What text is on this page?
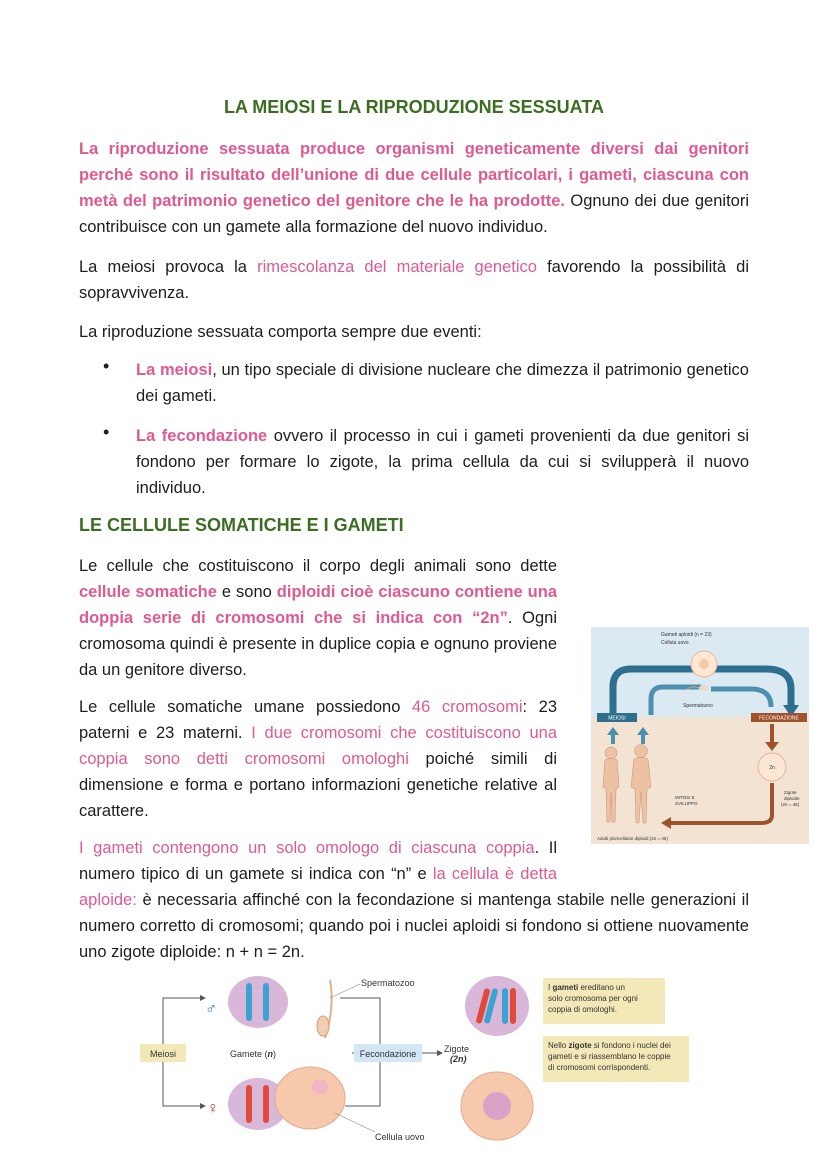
LA MEIOSI E LA RIPRODUZIONE SESSUATA
La riproduzione sessuata produce organismi geneticamente diversi dai genitori perché sono il risultato dell’unione di due cellule particolari, i gameti, ciascuna con metà del patrimonio genetico del genitore che le ha prodotte. Ognuno dei due genitori contribuisce con un gamete alla formazione del nuovo individuo.
La meiosi provoca la rimescolanza del materiale genetico favorendo la possibilità di sopravvivenza.
La riproduzione sessuata comporta sempre due eventi:
• La meiosi, un tipo speciale di divisione nucleare che dimezza il patrimonio genetico dei gameti.
• La fecondazione ovvero il processo in cui i gameti provenienti da due genitori si fondono per formare lo zigote, la prima cellula da cui si svilupperà il nuovo individuo.
LE CELLULE SOMATICHE E I GAMETI
Le cellule che costituiscono il corpo degli animali sono dette cellule somatiche e sono diploidi cioè ciascuno contiene una doppia serie di cromosomi che si indica con “2n”. Ogni cromosoma quindi è presente in duplice copia e ognuno proviene da un genitore diverso.
Le cellule somatiche umane possiedono 46 cromosomi: 23 paterni e 23 materni. I due cromosomi che costituiscono una coppia sono detti cromosomi omologhi poiché simili di dimensione e forma e portano informazioni genetiche relative al carattere.
I gameti contengono un solo omologo di ciascuna coppia. Il numero tipico di un gamete si indica con “n” e la cellula è detta aploide: è necessaria affinché con la fecondazione si mantenga stabile nelle generazioni il numero corretto di cromosomi; quando poi i nuclei aploidi si fondono si ottiene nuovamente uno zigote diploide: n + n = 2n.
Gameti aploidi (n = 23)
Cellula uovo
Spermatozoo
MEIOSI	FECONDAZIONE
2n
Zigote
diploide
(2n = 46)
MITOSI E
SVILUPPO
Adulti pluricellulari diploidi (2n = 46)
Meiosi
♂
♀
Gamete (n)
Spermatozoo
Cellula uovo
Fecondazione	Zigote
(2n)
I gameti ereditano un
solo cromosoma per ogni
coppia di omologhi.
Nello zigote si fondono i nuclei dei
gameti e si riassemblano le coppie
di cromosomi corrispondenti.
